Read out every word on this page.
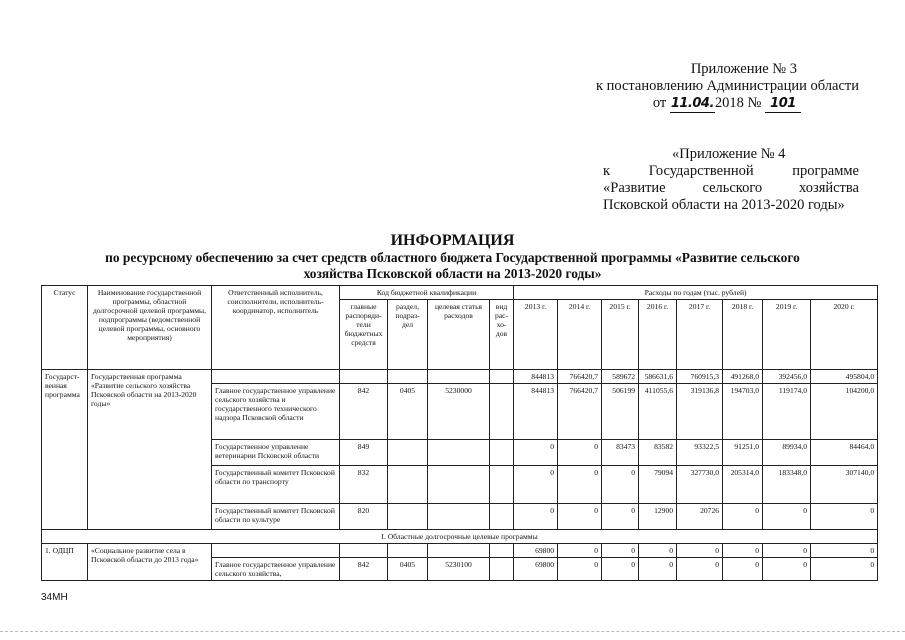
Приложение № 3
к постановлению Администрации области
от 11.04.2018 № 101
«Приложение № 4
к	Государственной	программе
«Развитие	сельского	хозяйства
Псковской области на 2013-2020 годы»
ИНФОРМАЦИЯ
по ресурсному обеспечению за счет средств областного бюджета Государственной программы «Развитие сельского
хозяйства Псковской области на 2013-2020 годы»
Статус	Наименование государственной программы, областной долгосрочной целевой программы, подпрограммы (ведомственной целевой программы, основного мероприятия)	Ответственный исполнитель, соисполнители, исполнитель-координатор, исполнитель	Код бюджетной квалификации				Расходы по годам (тыс. рублей)							
			главные распоряди-тели бюджетных средств	раздел, подраз-дел	целевая статья расходов	вид рас-хо-дов	2013 г.	2014 г.	2015 г.	2016 г.	2017 г.	2018 г.	2019 г.	2020 г.
Государст-венная программа	Государственная программа «Развитие сельского хозяйства Псковской области на 2013-2020 годы»						844813	766420,7	589672	586631,6	760915,3	491268,0	392456,0	495804,0
		Главное государственное управление сельского хозяйства и государственного технического надзора Псковской области	842	0405	5230000		844813	766420,7	506199	411055,6	319136,8	194703,0	119174,0	104200,0
		Государственное управление ветеринарии Псковской области	849				0	0	83473	83582	93322,5	91251,0	89934,0	84464,0
		Государственный комитет Псковской области по транспорту	832				0	0	0	79094	327730,0	205314,0	183348,0	307140,0
		Государственный комитет Псковской области по культуре	820				0	0	0	12900	20726	0	0	0
I. Областные долгосрочные целевые программы														
1. ОДЦП	«Социальное развитие села в Псковской области до 2013 года»						69800	0	0	0	0	0	0	0
		Главное государственное управление сельского хозяйства,	842	0405	5230100		69800	0	0	0	0	0	0	0
34МН
